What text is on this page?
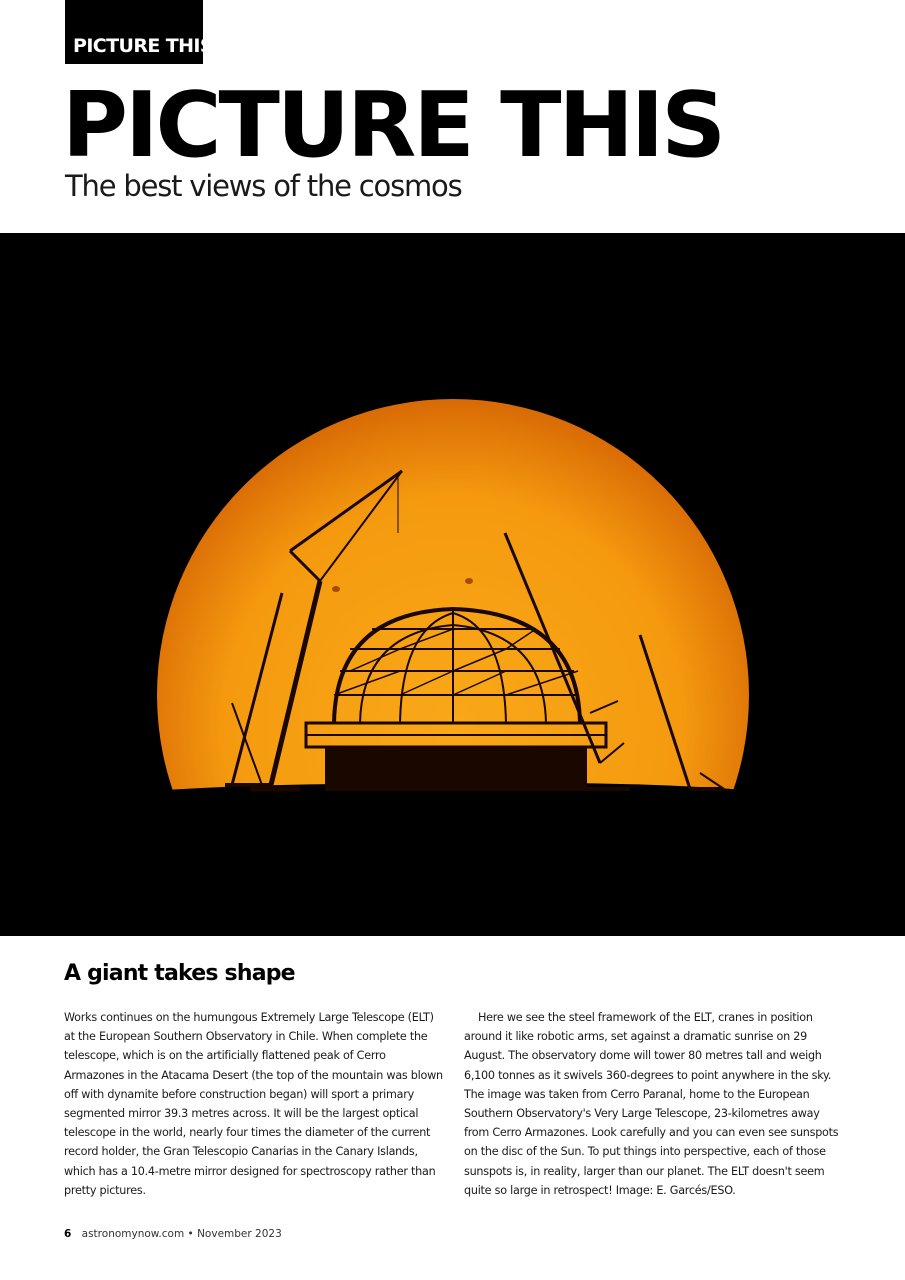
PICTURE THIS
PICTURE THIS

The best views of the cosmos

A giant takes shape

Works continues on the humungous Extremely Large Telescope (ELT) at the European Southern Observatory in Chile. When complete the telescope, which is on the artificially flattened peak of Cerro Armazones in the Atacama Desert (the top of the mountain was blown off with dynamite before construction began) will sport a primary segmented mirror 39.3 metres across. It will be the largest optical telescope in the world, nearly four times the diameter of the current record holder, the Gran Telescopio Canarias in the Canary Islands, which has a 10.4-metre mirror designed for spectroscopy rather than pretty pictures.

Here we see the steel framework of the ELT, cranes in position around it like robotic arms, set against a dramatic sunrise on 29 August. The observatory dome will tower 80 metres tall and weigh 6,100 tonnes as it swivels 360-degrees to point anywhere in the sky. The image was taken from Cerro Paranal, home to the European Southern Observatory's Very Large Telescope, 23-kilometres away from Cerro Armazones. Look carefully and you can even see sunspots on the disc of the Sun. To put things into perspective, each of those sunspots is, in reality, larger than our planet. The ELT doesn't seem quite so large in retrospect! Image: E. Garcés/ESO.

6 astronomynow.com • November 2023
